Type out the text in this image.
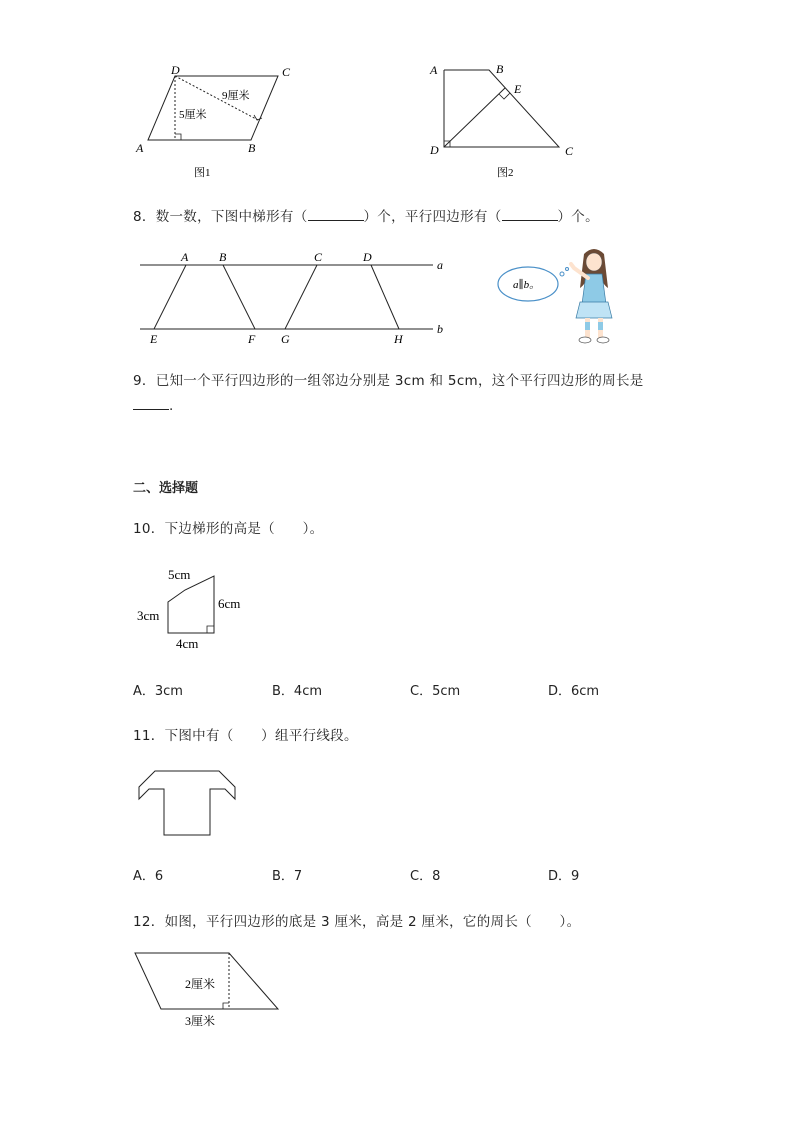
D	C
A	B
5厘米
9厘米
图1
A	B
E
D	C
图2
8．数一数，下图中梯形有（	）个，平行四边形有（	）个。
A	B	C	D
E	F G	H
a
b
a∥b。
9．已知一个平行四边形的一组邻边分别是 3cm 和 5cm，这个平行四边形的周长是
.
二、选择题
10．下边梯形的高是（　　）。
5cm
3cm
6cm
4cm
A．3cm	B．4cm	C．5cm	D．6cm
11．下图中有（　　）组平行线段。
A．6	B．7	C．8	D．9
12．如图，平行四边形的底是 3 厘米，高是 2 厘米，它的周长（　　）。
2厘米
3厘米
